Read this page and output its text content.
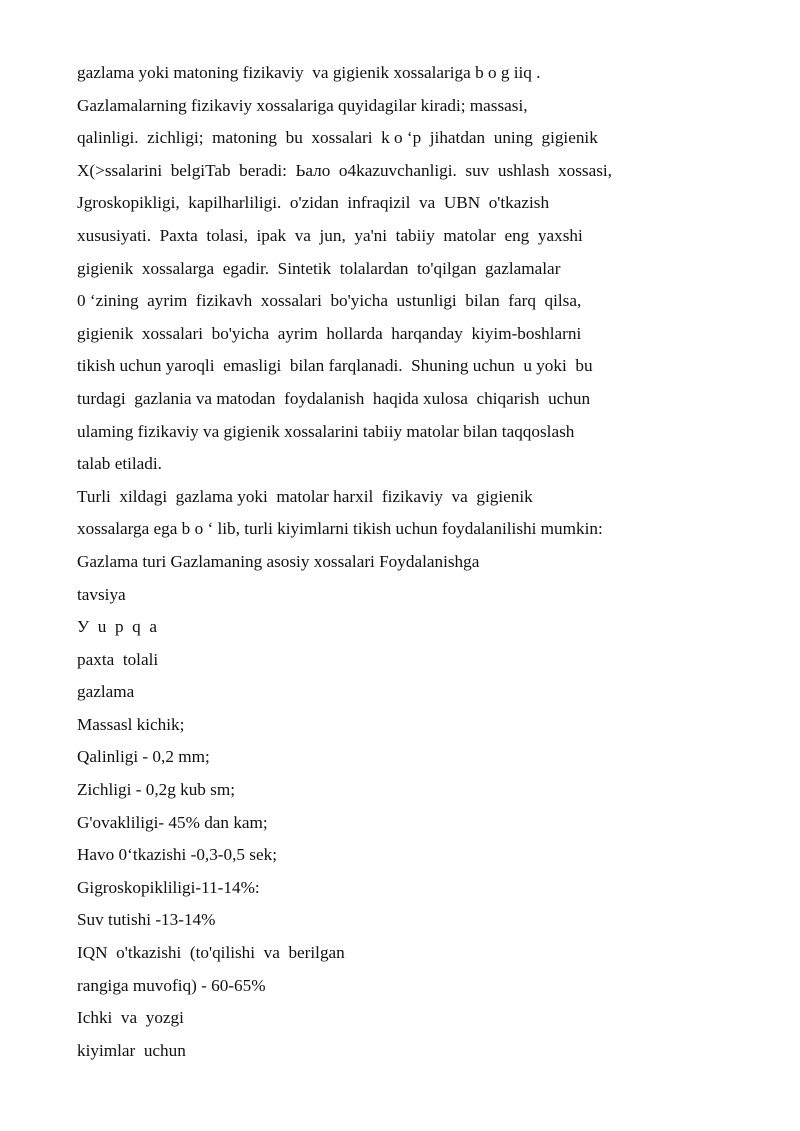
gazlama yoki matoning fizikaviy  va gigienik xossalariga b o g iiq .
Gazlamalarning fizikaviy xossalariga quyidagilar kiradi; massasi,
qalinligi.  zichligi;  matoning  bu  xossalari  k o ‘p  jihatdan  uning  gigienik
X(>ssalarini  belgiTab  beradi:  Ьало  o4kazuvchanligi.  suv  ushlash  xossasi,
Jgroskopikligi,  kapilharliligi.  o'zidan  infraqizil  va  UBN  o'tkazish
xususiyati.  Paxta  tolasi,  ipak  va  jun,  ya'ni  tabiiy  matolar  eng  yaxshi
gigienik  xossalarga  egadir.  Sintetik  tolalardan  to'qilgan  gazlamalar
0 ‘zining  ayrim  fizikavh  xossalari  bo'yicha  ustunligi  bilan  farq  qilsa,
gigienik  xossalari  bo'yicha  ayrim  hollarda  harqanday  kiyim-boshlarni
tikish uchun yaroqli  emasligi  bilan farqlanadi.  Shuning uchun  u yoki  bu
turdagi  gazlania va matodan  foydalanish  haqida xulosa  chiqarish  uchun
ulaming fizikaviy va gigienik xossalarini tabiiy matolar bilan taqqoslash
talab etiladi.
Turli  xildagi  gazlama yoki  matolar harxil  fizikaviy  va  gigienik
xossalarga ega b o ‘ lib, turli kiyimlarni tikish uchun foydalanilishi mumkin:
Gazlama turi Gazlamaning asosiy xossalari Foydalanishga
tavsiya
У  u  p  q  a
paxta  tolali
gazlama
Massasl kichik;
Qalinligi - 0,2 mm;
Zichligi - 0,2g kub sm;
G'ovakliligi- 45% dan kam;
Havo 0‘tkazishi -0,3-0,5 sek;
Gigroskopikliligi-11-14%:
Suv tutishi -13-14%
IQN  o'tkazishi  (to'qilishi  va  berilgan
rangiga muvofiq) - 60-65%
Ichki  va  yozgi
kiyimlar  uchun
